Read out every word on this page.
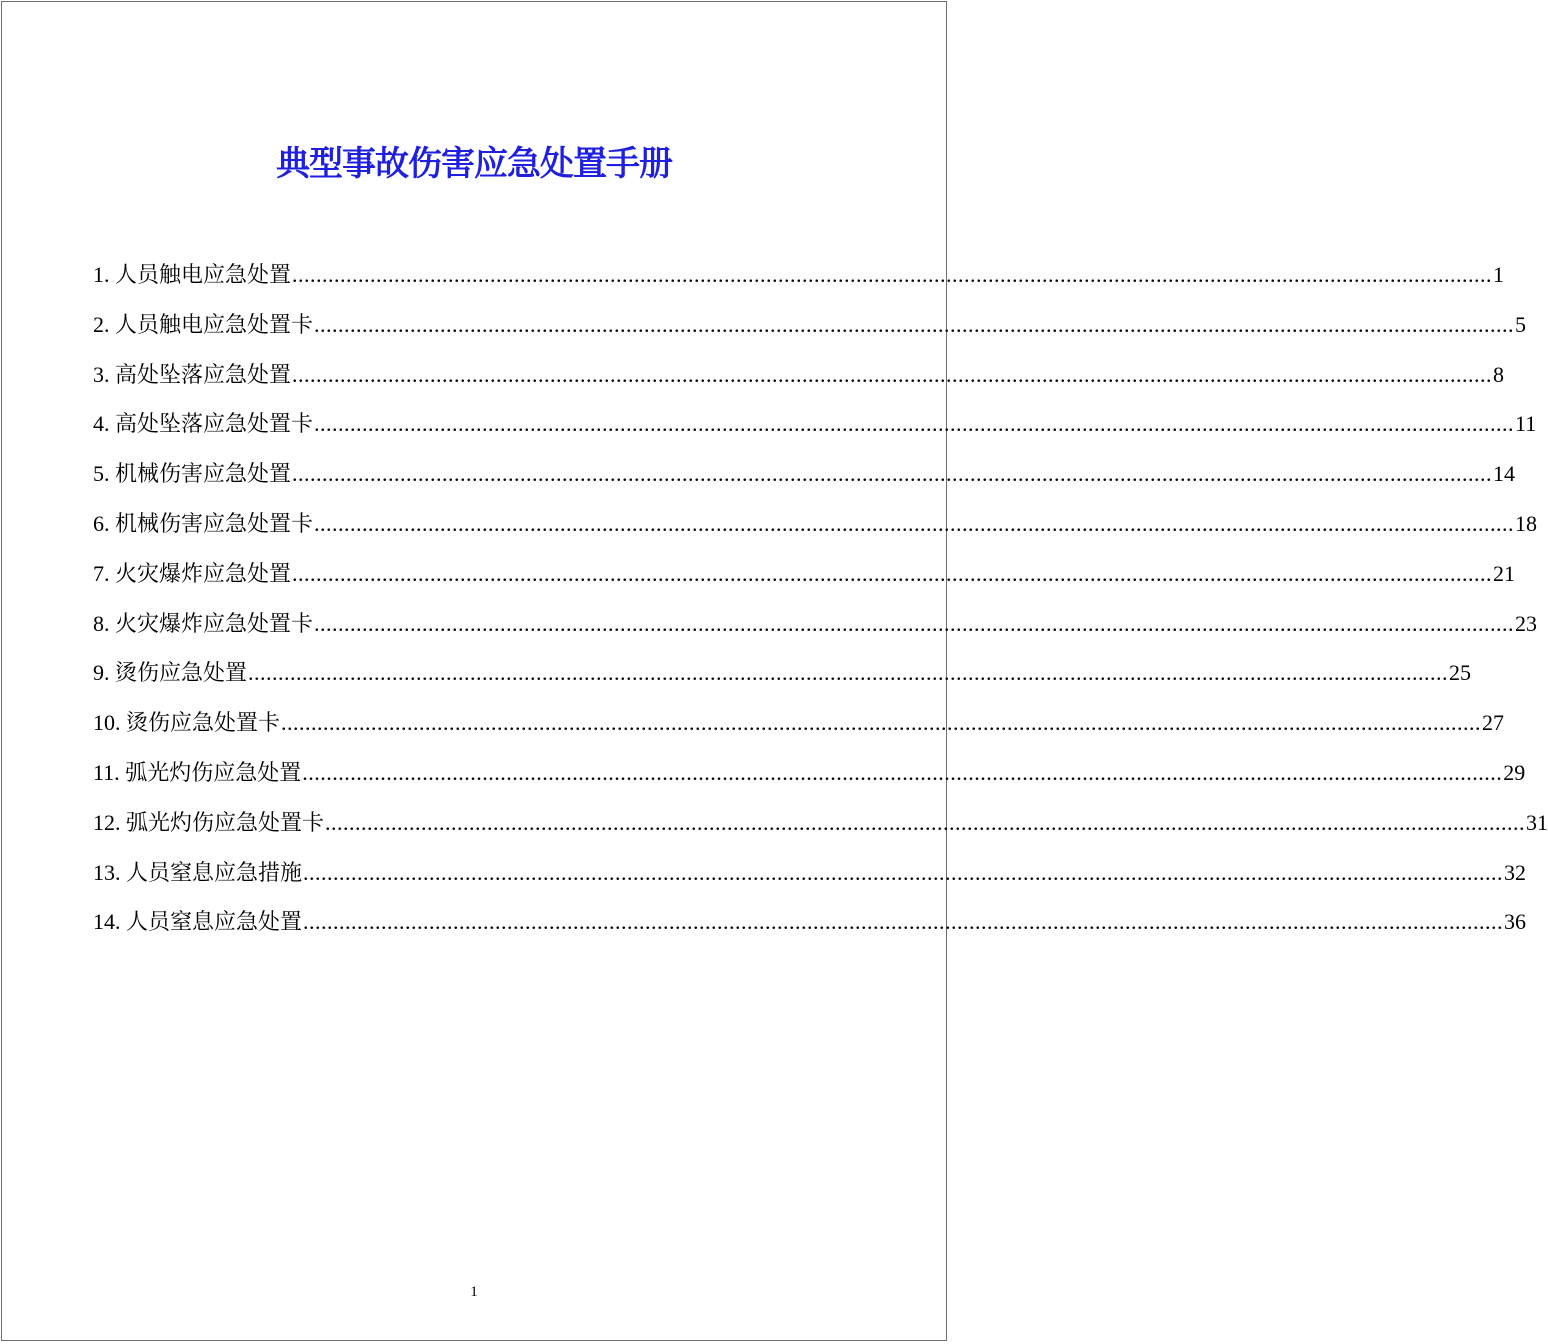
典型事故伤害应急处置手册
1. 人员触电应急处置 ........................................................................................................................................................................................................ 1
2. 人员触电应急处置卡 ........................................................................................................................................................................................................ 5
3. 高处坠落应急处置 ........................................................................................................................................................................................................ 8
4. 高处坠落应急处置卡 ........................................................................................................................................................................................................ 11
5. 机械伤害应急处置 ........................................................................................................................................................................................................ 14
6. 机械伤害应急处置卡 ........................................................................................................................................................................................................ 18
7. 火灾爆炸应急处置 ........................................................................................................................................................................................................ 21
8. 火灾爆炸应急处置卡 ........................................................................................................................................................................................................ 23
9. 烫伤应急处置 ........................................................................................................................................................................................................ 25
10. 烫伤应急处置卡 ........................................................................................................................................................................................................ 27
11. 弧光灼伤应急处置 ........................................................................................................................................................................................................ 29
12. 弧光灼伤应急处置卡 ........................................................................................................................................................................................................ 31
13. 人员窒息应急措施 ........................................................................................................................................................................................................ 32
14. 人员窒息应急处置 ........................................................................................................................................................................................................ 36
1
